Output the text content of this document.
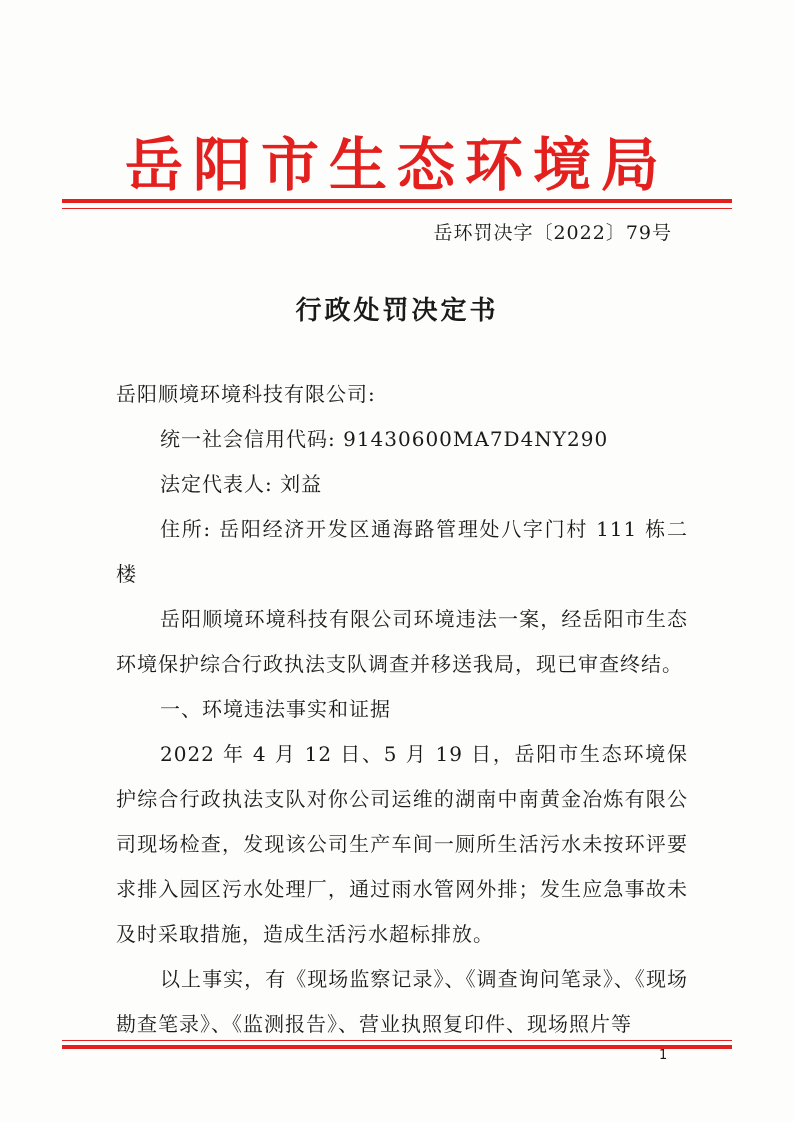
岳阳市生态环境局
岳环罚决字〔2022〕79号
行政处罚决定书

岳阳顺境环境科技有限公司:

统一社会信用代码: 91430600MA7D4NY290

法定代表人: 刘益

住所: 岳阳经济开发区通海路管理处八字门村 111 栋二楼

岳阳顺境环境科技有限公司环境违法一案，经岳阳市生态环境保护综合行政执法支队调查并移送我局，现已审查终结。

一、环境违法事实和证据

2022 年 4 月 12 日、5 月 19 日，岳阳市生态环境保护综合行政执法支队对你公司运维的湖南中南黄金冶炼有限公司现场检查，发现该公司生产车间一厕所生活污水未按环评要求排入园区污水处理厂，通过雨水管网外排；发生应急事故未及时采取措施，造成生活污水超标排放。

以上事实，有《现场监察记录》、《调查询问笔录》、《现场勘查笔录》、《监测报告》、营业执照复印件、现场照片等

1
